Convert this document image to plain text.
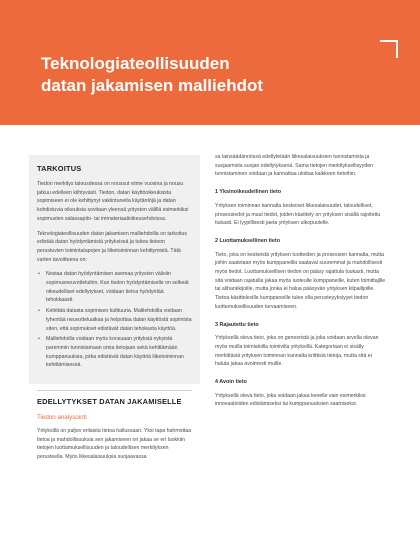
Teknologiateollisuuden
datan jakamisen malliehdot
TARKOITUS

Tiedon merkitys talousdessa on noussut viime vuosina ja nousu jatkuu edelleen kiihtyvästi. Tiedon, datan käyttöoikeuksista sopimiseen ei ole kehittynyt vakiintuneita käytäntöjä ja datan kohdistuvia oikeuksia sovitaan yleensä yritysten välillä esimerkiksi sopimusten salassapito- tai immateriaalioikeusehdoissa.

Teknologiateollisuuden datan jakamisen malliehdoilla on tarkoitus edistää datan hyödyntämistä yrityksissä ja tukea tietoon perustuvien toimintatapojen ja liiketoiminnan kehittymistä. Tätä varten tavoitteena on:

• Nostaa datan hyödyntämisen asemaa yritysten välisiin sopimusneuvotteluihin. Kun tiedon hyödyntämiselle on selkeät oikeudelliset edellytykset, voidaan tietoa hyödyntää tehokkaasti.
• Kehittää datasta sopimisen kulttuuria. Malliehdoilla voidaan lyhentää neuvotteluaikaa ja helpottaa datan käyttöstä sopimista siten, että sopimukset edistävät datan tehokasta käyttöä.
• Malliehdoilla voidaan myös konsuaan yrityksiä nykyistä paremmin tunnistamaan omia tietojaan sekä kehittämään kumppanuuksia, jotka edistävät datan käyttöä liiketoiminnan kehittämisessä.
EDELLYTYKSET DATAN JAKAMISELLE
Tiedon analysointi

Yrityksillä on paljon erilaista tietoa hallussaan. Yksi tapa hahmottaa tietoa ja mahdollisuuksia sen jakamiseen on jakaa se eri luokkiin tietojen luottamuksellisuuden ja taloudellisen merkityksen perusteella. Myös liikesalaisuuksia suojaavassa

sa lainsäädännössä edellytetään liikesalaisuuksien tunnistamista ja suojaamista suojan edellytyksenä. Sama tietojen merkityksellisyyden tunnistaminen voidaan ja kannattaa ulottaa kaikkeen tietoihin.

1 Yksinoikeudellinen tieto

Yrityksen toiminnan kannalta keskeiset liikesalaisuudet, taloudelliset, prosessiedot ja muut tiedot, joiden käsittely on yrityksen sisällä rajoitettu tiukasti. Ei lyypillisesti jaeta yrityksen ulkopuolelle.

2 Luottamuksellinen tieto

Tieto, joka on keskeistä yrityksen tuotteiden ja prosessien kannalta, mutta joihin saatetaan myös kumppaneilla saataval suuremmat ja mahdollisesti myös tiedot. Luottamuksellisen tiedon on pääsy rajattula tuukasti, mutta sitä voidaan rajatuilla jakaa myös luoteulle kumppaneille, kuten toimittajille tai alihankkijoille, mutta jonka ei halua pääsyvän yrityksen kilpailijoille. Tietoa käsitteleville kumppaneille tulee olla perusteyyksiyyet tiedon luottamuksellisuuden turvaamiseen.

3 Rajautettu tieto

Yrityksellä oleva tieto, joka on geneeristä ja joka voidaan arvella olevan myös muilla toimialoilla toimivilla yrityksillä. Kategoriaan ei sisälly merkittäviä yrityksen toiminnan kannalta kriittisiä tietoja, mutta sitä ei haluta jakaa avoimesti muille.

4 Avoin tieto

Yrityksellä oleva tieto, joka voidaan jakaa kenelle vain esimerkiksi innovaatioiden edistämiseksi tai kumppanuuksien saamiseksi.
